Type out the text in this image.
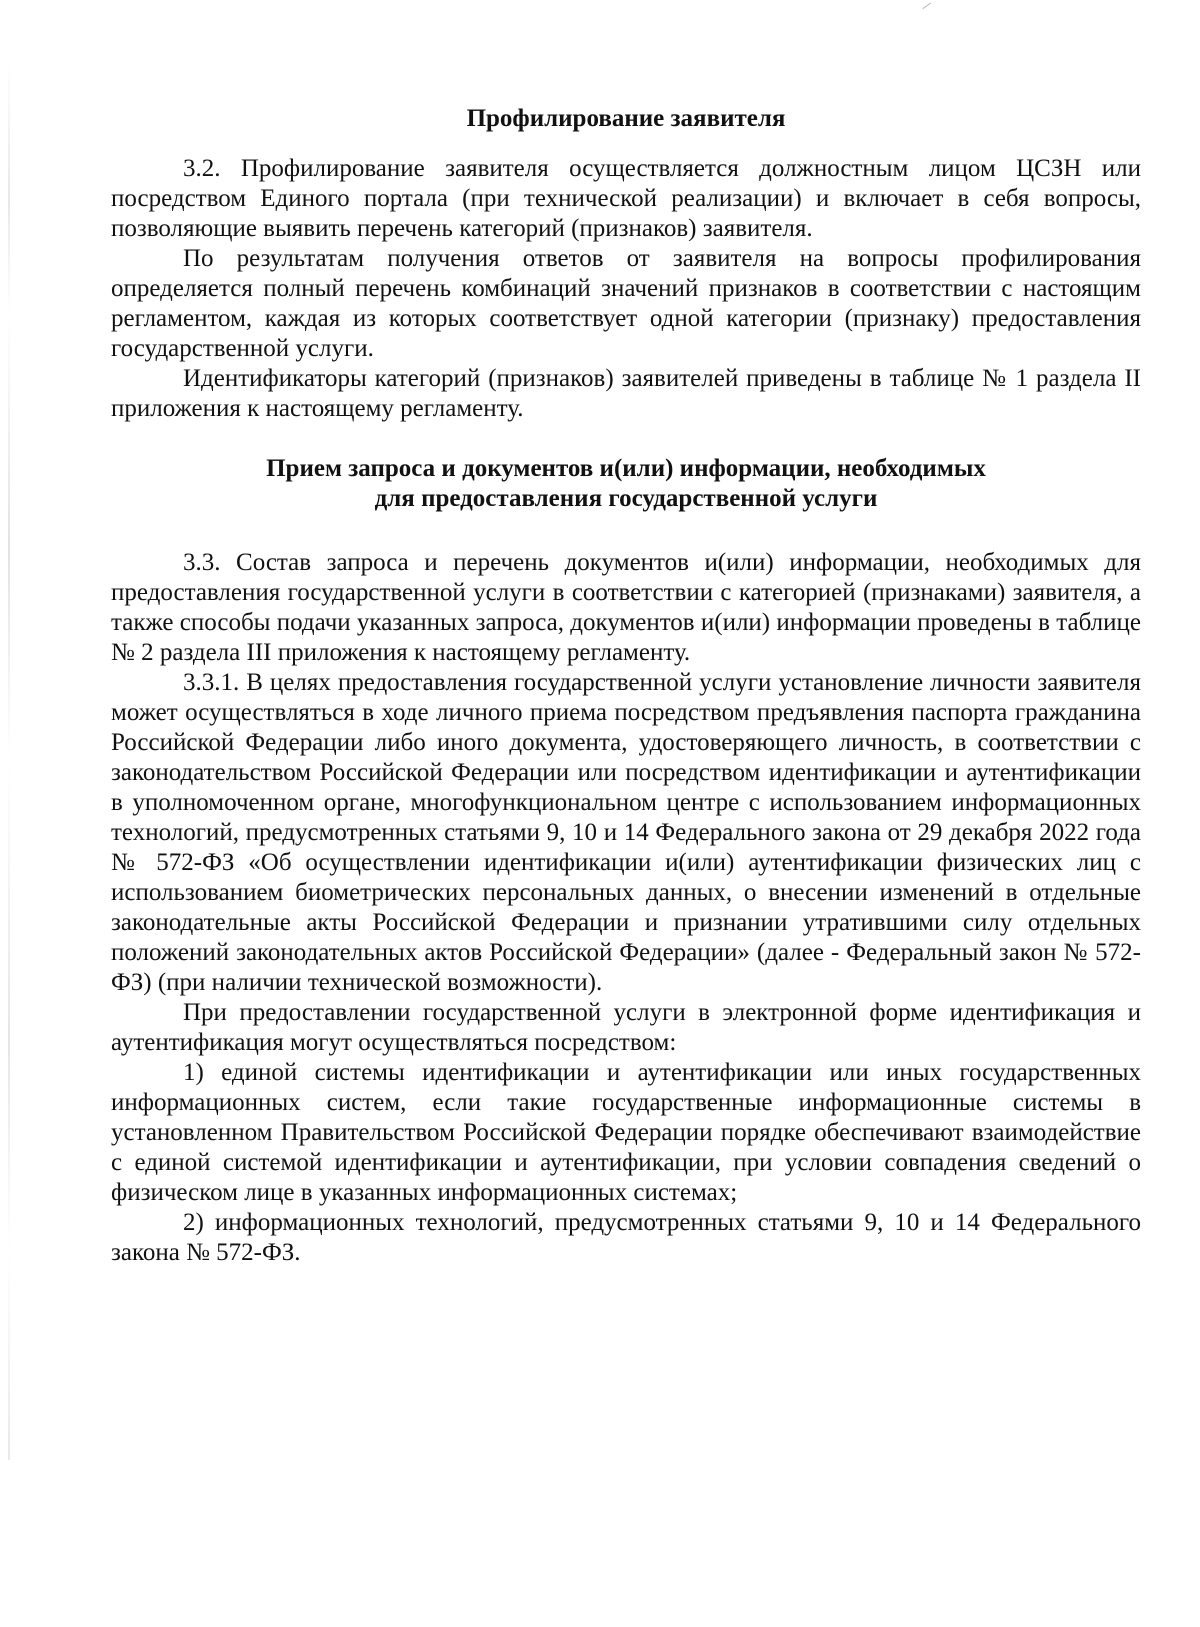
Профилирование заявителя

3.2. Профилирование заявителя осуществляется должностным лицом ЦСЗН или посредством Единого портала (при технической реализации) и включает в себя вопросы, позволяющие выявить перечень категорий (признаков) заявителя.

По результатам получения ответов от заявителя на вопросы профилирования определяется полный перечень комбинаций значений признаков в соответствии с настоящим регламентом, каждая из которых соответствует одной категории (признаку) предоставления государственной услуги.

Идентификаторы категорий (признаков) заявителей приведены в таблице № 1 раздела II приложения к настоящему регламенту.

Прием запроса и документов и(или) информации, необходимых
для предоставления государственной услуги

3.3. Состав запроса и перечень документов и(или) информации, необходимых для предоставления государственной услуги в соответствии с категорией (признаками) заявителя, а также способы подачи указанных запроса, документов и(или) информации проведены в таблице № 2 раздела III приложения к настоящему регламенту.

3.3.1. В целях предоставления государственной услуги установление личности заявителя может осуществляться в ходе личного приема посредством предъявления паспорта гражданина Российской Федерации либо иного документа, удостоверяющего личность, в соответствии с законодательством Российской Федерации или посредством идентификации и аутентификации в уполномоченном органе, многофункциональном центре с использованием информационных технологий, предусмотренных статьями 9, 10 и 14 Федерального закона от 29 декабря 2022 года № 572-ФЗ «Об осуществлении идентификации и(или) аутентификации физических лиц с использованием биометрических персональных данных, о внесении изменений в отдельные законодательные акты Российской Федерации и признании утратившими силу отдельных положений законодательных актов Российской Федерации» (далее - Федеральный закон № 572-ФЗ) (при наличии технической возможности).

При предоставлении государственной услуги в электронной форме идентификация и аутентификация могут осуществляться посредством:

1) единой системы идентификации и аутентификации или иных государственных информационных систем, если такие государственные информационные системы в установленном Правительством Российской Федерации порядке обеспечивают взаимодействие с единой системой идентификации и аутентификации, при условии совпадения сведений о физическом лице в указанных информационных системах;

2) информационных технологий, предусмотренных статьями 9, 10 и 14 Федерального закона № 572-ФЗ.
